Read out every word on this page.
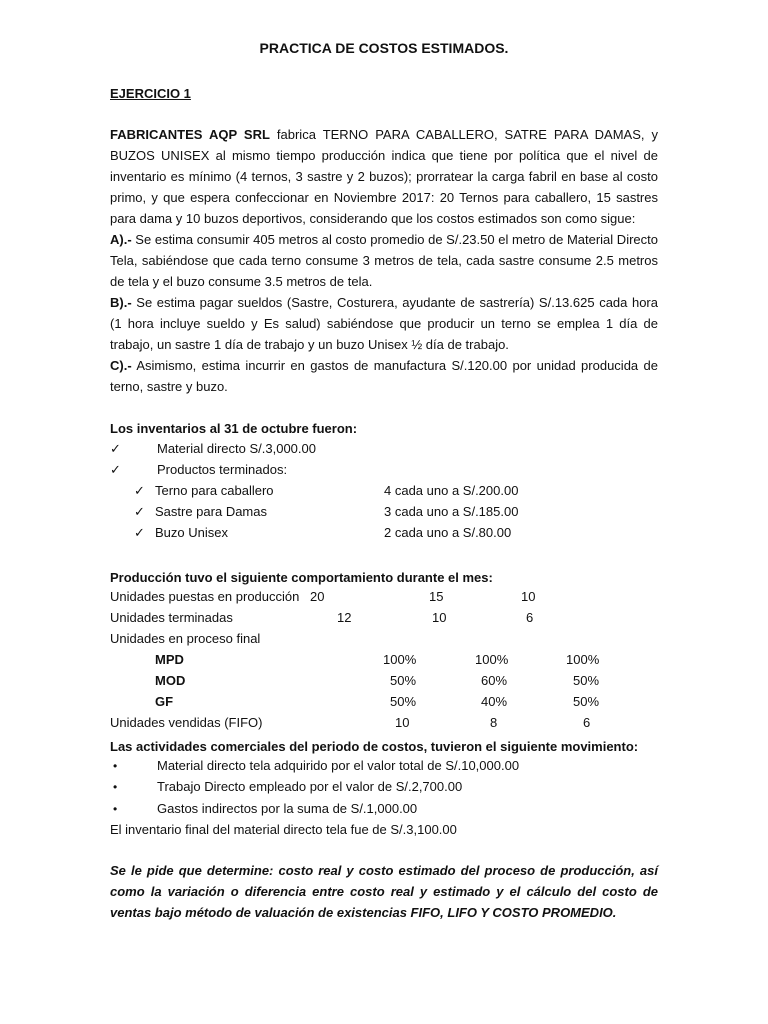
PRACTICA DE COSTOS ESTIMADOS.
EJERCICIO 1
FABRICANTES AQP SRL fabrica TERNO PARA CABALLERO, SATRE PARA DAMAS, y BUZOS UNISEX al mismo tiempo producción indica que tiene por política que el nivel de inventario es mínimo (4 ternos, 3 sastre y 2 buzos); prorratear la carga fabril en base al costo primo, y que espera confeccionar en Noviembre 2017: 20 Ternos para caballero, 15 sastres para dama y 10 buzos deportivos, considerando que los costos estimados son como sigue:
A).- Se estima consumir 405 metros al costo promedio de S/.23.50 el metro de Material Directo Tela, sabiéndose que cada terno consume 3 metros de tela, cada sastre consume 2.5 metros de tela y el buzo consume 3.5 metros de tela.
B).- Se estima pagar sueldos (Sastre, Costurera, ayudante de sastrería) S/.13.625 cada hora (1 hora incluye sueldo y Es salud) sabiéndose que producir un terno se emplea 1 día de trabajo, un sastre 1 día de trabajo y un buzo Unisex ½ día de trabajo.
C).- Asimismo, estima incurrir en gastos de manufactura S/.120.00 por unidad producida de terno, sastre y buzo.
Los inventarios al 31 de octubre fueron:
✓	Material directo S/.3,000.00
✓	Productos terminados:
✓ Terno para caballero	4 cada uno a S/.200.00
✓ Sastre para Damas	3 cada uno a S/.185.00
✓ Buzo Unisex	2 cada uno a S/.80.00
Producción tuvo el siguiente comportamiento durante el mes:
Unidades puestas en producción 20	15	10
Unidades terminadas	12	10	6
Unidades en proceso final
MPD	100%	100%	100%
MOD	50%	60%	50%
GF	50%	40%	50%
Unidades vendidas (FIFO)	10	8	6
Las actividades comerciales del periodo de costos, tuvieron el siguiente movimiento:
•	Material directo tela adquirido por el valor total de S/.10,000.00
•	Trabajo Directo empleado por el valor de S/.2,700.00
•	Gastos indirectos por la suma de S/.1,000.00
El inventario final del material directo tela fue de S/.3,100.00
Se le pide que determine: costo real y costo estimado del proceso de producción, así como la variación o diferencia entre costo real y estimado y el cálculo del costo de ventas bajo método de valuación de existencias FIFO, LIFO Y COSTO PROMEDIO.
